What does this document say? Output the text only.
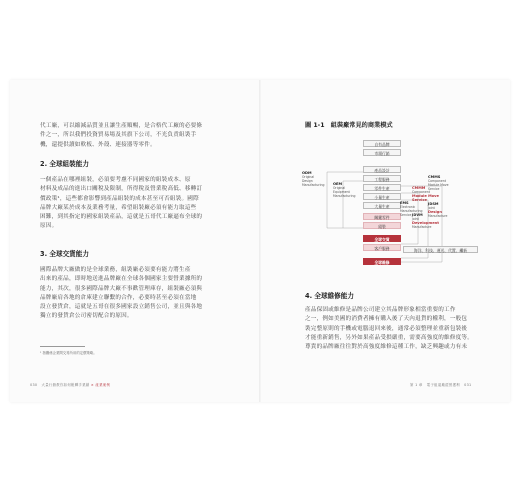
代工廠，可以縮減品質並且讓生產順暢，是合格代工廠的必要條
件之一，所以我們投資貿易場及其旗下公司，不光負責組裝手
機，還提供讀如軟板、外殼、連接器等零件。
2. 全球組裝能力
一個產品在哪裡組裝，必須要考慮不同國家的組裝成本、原
材料及成品的進出口關稅及限制，所得稅及營業稅高低、移轉訂
價政策¹，這些都會影響到產品組裝的成本甚至可否組裝。國際
品牌大廠某於成本及業務考量，希望組裝廠必須有能力取這些
困難，到其指定的國家組裝產品，這就是五哥代工廠逼布全球的
原因。
3. 全球交貨能力
國際品牌大廠做的是全球業務，組裝廠必須要有能力將生產
出來的產品，即時地送進品牌廠在全球各個國家主要營業據所的
能力，其次，很多國際品牌大廠不事歡管理庫存，組裝廠必須與
品牌廠肩各地的倉庫建立聯繫的合作，必要時甚至必須在當地
設立發貨倉，這就是五哥在很多國家設立銷售公司，並且與各地
獨立的發貨倉公司密切配合的原因。
¹ 指關係企業間交易所用的定價策略。
030 大量行銷教你如何帳轉手業績 × 產業案例
圖 1-1　組裝廠常見的商業模式
自有品牌
市場行銷
產品設計
工程服務
零件生產
小量生產
大量生產
關鍵零件
組裝
全球交貨
客戶服務
全球維修
海洋、科技、運送、代置、繼新
ODM
Original
Design
Manufacturing OEM
Original
Equipment
Manufacturing
EMS
Electronic
Manufacturing
Service
CMMM
Component
Module Move
Service
CMMS
Component
Module Move
Service
JDSM
Joint
Design
Manufacture
JDVM
Joint
Development
Manufacture
4. 全球維修能力
產品保固或維修是品牌公司建立其品牌形象相當重要的工作
之一，例如美國的消費者擁有購入後了天內退貨的權利，一般包
裝完整原則的手機或電腦退回來後，通常必須整理並重新包裝後
才能重新銷售，另外如果產品受損嚴重，需要高強度的維修度等。
尊貴的品牌廠往往對於高強度維修這種工作，缺乏興趣或力有未
第 1 章 電子組裝廠經營獲利 031
